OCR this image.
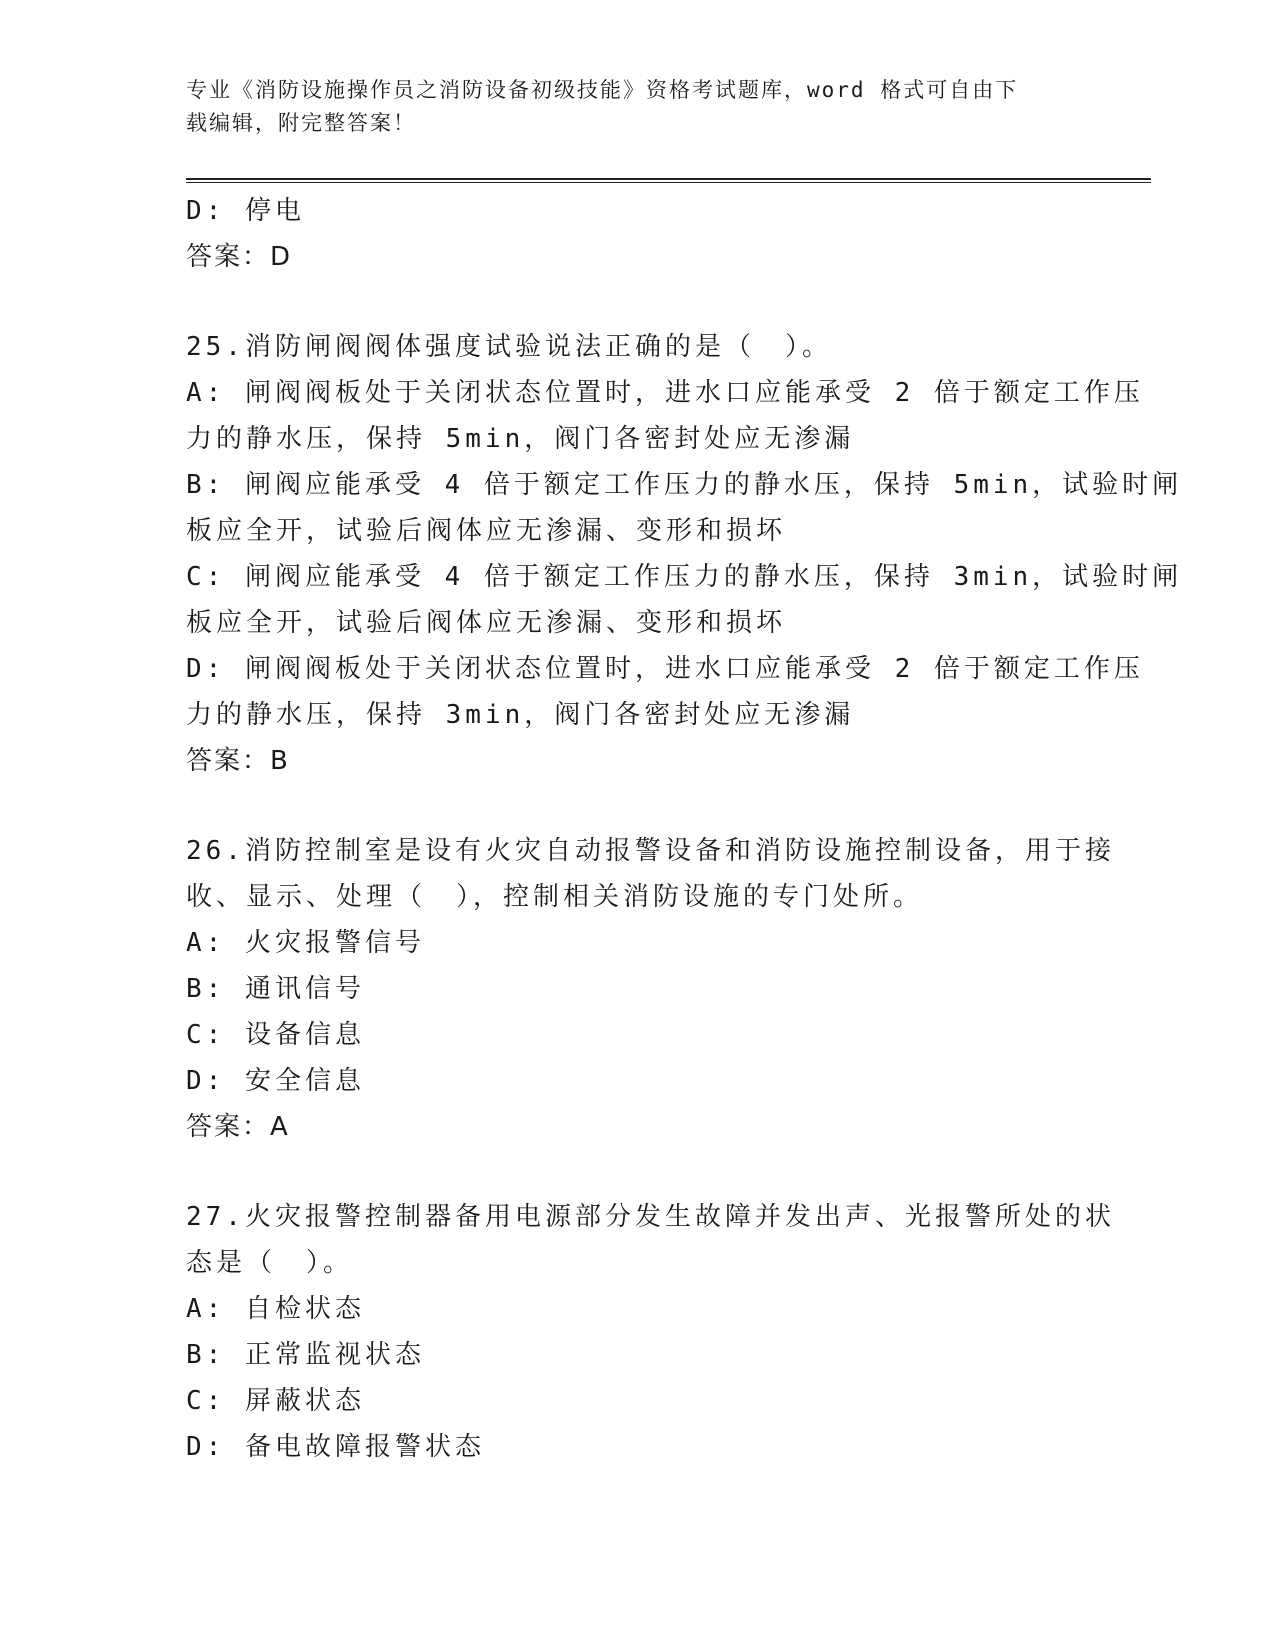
专业《消防设施操作员之消防设备初级技能》资格考试题库，word 格式可自由下
载编辑，附完整答案！
D: 停电
答案：D
25.消防闸阀阀体强度试验说法正确的是（　）。
A: 闸阀阀板处于关闭状态位置时，进水口应能承受 2 倍于额定工作压
力的静水压，保持 5min，阀门各密封处应无渗漏
B: 闸阀应能承受 4 倍于额定工作压力的静水压，保持 5min，试验时闸
板应全开，试验后阀体应无渗漏、变形和损坏
C: 闸阀应能承受 4 倍于额定工作压力的静水压，保持 3min，试验时闸
板应全开，试验后阀体应无渗漏、变形和损坏
D: 闸阀阀板处于关闭状态位置时，进水口应能承受 2 倍于额定工作压
力的静水压，保持 3min，阀门各密封处应无渗漏
答案：B
26.消防控制室是设有火灾自动报警设备和消防设施控制设备，用于接
收、显示、处理（　），控制相关消防设施的专门处所。
A: 火灾报警信号
B: 通讯信号
C: 设备信息
D: 安全信息
答案：A
27.火灾报警控制器备用电源部分发生故障并发出声、光报警所处的状
态是（　）。
A: 自检状态
B: 正常监视状态
C: 屏蔽状态
D: 备电故障报警状态
